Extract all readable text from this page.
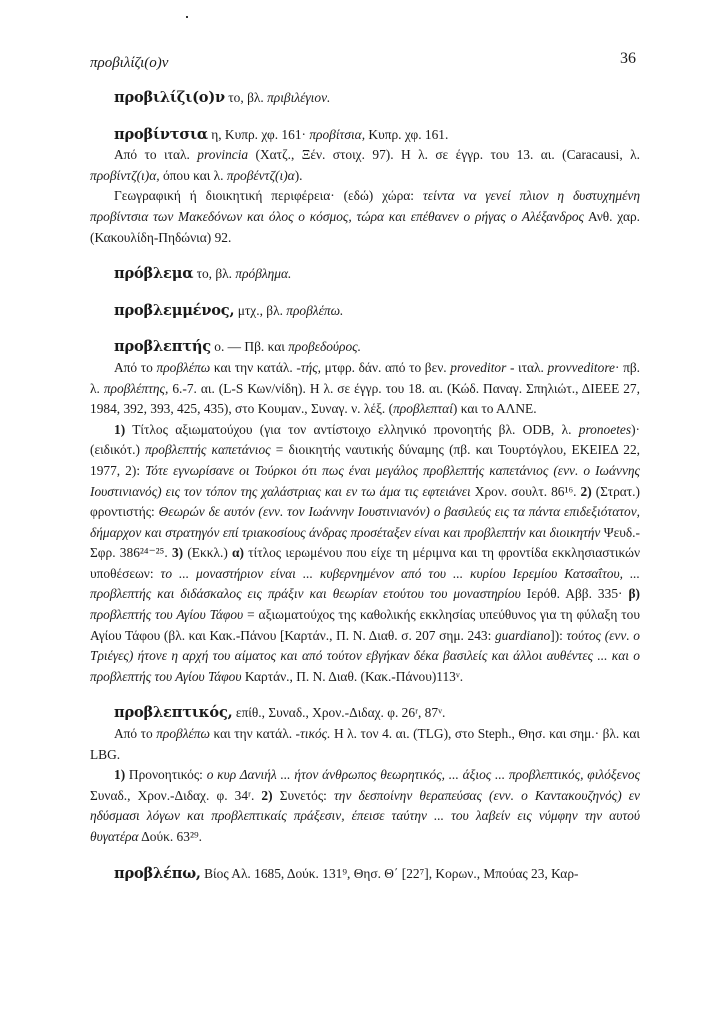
προβιλίζι(ο)ν	36

προβιλίζι(ο)ν το, βλ. πριβιλέγιον.

προβίντσια η, Κυπρ. χφ. 161· προβίτσια, Κυπρ. χφ. 161.

Από το ιταλ. provincia (Χατζ., Ξέν. στοιχ. 97). Η λ. σε έγγρ. του 13. αι. (Caracausi, λ. προβίντζ(ι)α, όπου και λ. προβέντζ(ι)α).

Γεωγραφική ή διοικητική περιφέρεια· (εδώ) χώρα: τείντα να γενεί πλιον η δυστυχημένη προβίντσια των Μακεδόνων και όλος ο κόσμος, τώρα και επέθανεν ο ρήγας ο Αλέξανδρος Ανθ. χαρ. (Κακουλίδη-Πηδώνια) 92.

πρόβλεμα το, βλ. πρόβλημα.

προβλεμμένος, μτχ., βλ. προβλέπω.

προβλεπτής ο. — Πβ. και προβεδούρος.

Από το προβλέπω και την κατάλ. -τής, μτφρ. δάν. από το βεν. proveditor - ιταλ. provveditore· πβ. λ. προβλέπτης, 6.-7. αι. (L-S Κων/νίδη). Η λ. σε έγγρ. του 18. αι. (Κώδ. Παναγ. Σπηλιώτ., ΔΙΕΕΕ 27, 1984, 392, 393, 425, 435), στο Κουμαν., Συναγ. ν. λέξ. (προβλεπταί) και το ΑΛΝΕ.

1) Τίτλος αξιωματούχου (για τον αντίστοιχο ελληνικό προνοητής βλ. ODB, λ. pronoetes)· (ειδικότ.) προβλεπτής καπετάνιος = διοικητής ναυτικής δύναμης (πβ. και Τουρτόγλου, ΕΚΕΙΕΔ 22, 1977, 2): Τότε εγνωρίσανε οι Τούρκοι ότι πως έναι μεγάλος προβλεπτής καπετάνιος (ενν. ο Ιωάννης Ιουστινιανός) εις τον τόπον της χαλάστριας και εν τω άμα τις εφτειάνει Χρον. σουλτ. 86¹⁶. 2) (Στρατ.) φροντιστής: Θεωρών δε αυτόν (ενν. τον Ιωάννην Ιουστινιανόν) ο βασιλεύς εις τα πάντα επιδεξιότατον, δήμαρχον και στρατηγόν επί τριακοσίους άνδρας προσέταξεν είναι και προβλεπτήν και διοικητήν Ψευδ.-Σφρ. 386²⁴⁻²⁵. 3) (Εκκλ.) α) τίτλος ιερωμένου που είχε τη μέριμνα και τη φροντίδα εκκλησιαστικών υποθέσεων: το ... μοναστήριον είναι ... κυβερνημένον από του ... κυρίου Ιερεμίου Κατσαΐτου, ... προβλεπτής και διδάσκαλος εις πράξιν και θεωρίαν ετούτου του μοναστηρίου Ιερόθ. Αββ. 335· β) προβλεπτής του Αγίου Τάφου = αξιωματούχος της καθολικής εκκλησίας υπεύθυνος για τη φύλαξη του Αγίου Τάφου (βλ. και Κακ.-Πάνου [Καρτάν., Π. Ν. Διαθ. σ. 207 σημ. 243: guardiano]): τούτος (ενν. ο Τριέγες) ήτονε η αρχή του αίματος και από τούτον εβγήκαν δέκα βασιλείς και άλλοι αυθέντες ... και ο προβλεπτής του Αγίου Τάφου Καρτάν., Π. Ν. Διαθ. (Κακ.-Πάνου)113ᵛ.

προβλεπτικός, επίθ., Συναδ., Χρον.-Διδαχ. φ. 26ʳ, 87ᵛ.

Από το προβλέπω και την κατάλ. -τικός. Η λ. τον 4. αι. (TLG), στο Steph., Θησ. και σημ.· βλ. και LBG.

1) Προνοητικός: ο κυρ Δανιήλ ... ήτον άνθρωπος θεωρητικός, ... άξιος ... προβλεπτικός, φιλόξενος Συναδ., Χρον.-Διδαχ. φ. 34ʳ. 2) Συνετός: την δεσποίνην θεραπεύσας (ενν. ο Καντακουζηνός) εν ηδύσμασι λόγων και προβλεπτικαίς πράξεσιν, έπεισε ταύτην ... του λαβείν εις νύμφην την αυτού θυγατέρα Δούκ. 63²⁹.

προβλέπω, Βίος Αλ. 1685, Δούκ. 131⁹, Θησ. Θ΄ [22⁷], Κορων., Μπούας 23, Καρ-
